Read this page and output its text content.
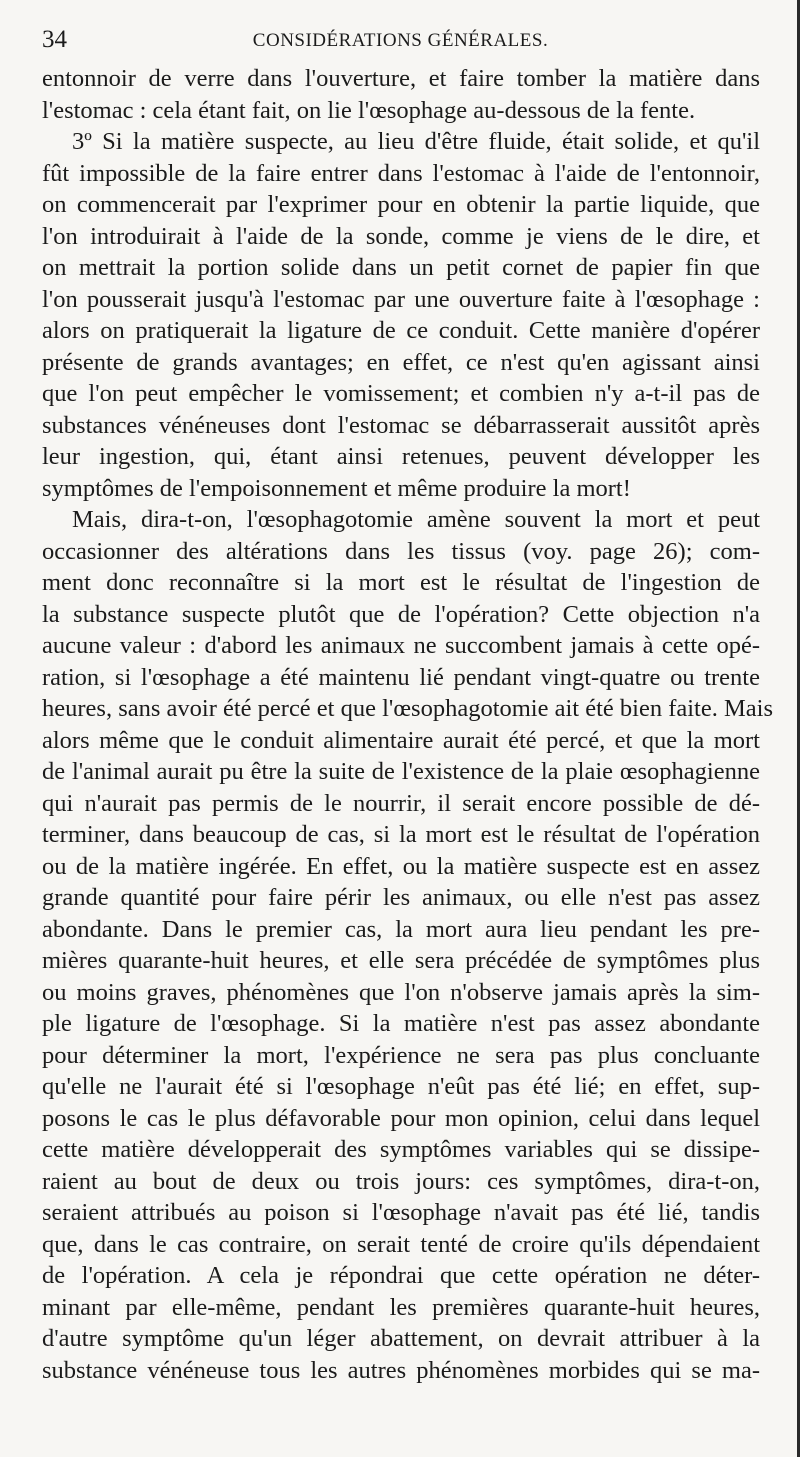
34	CONSIDÉRATIONS GÉNÉRALES.
entonnoir de verre dans l'ouverture, et faire tomber la matière dans
l'estomac : cela étant fait, on lie l'œsophage au-dessous de la fente.
3º Si la matière suspecte, au lieu d'être fluide, était solide, et qu'il
fût impossible de la faire entrer dans l'estomac à l'aide de l'entonnoir,
on commencerait par l'exprimer pour en obtenir la partie liquide, que
l'on introduirait à l'aide de la sonde, comme je viens de le dire, et
on mettrait la portion solide dans un petit cornet de papier fin que
l'on pousserait jusqu'à l'estomac par une ouverture faite à l'œsophage :
alors on pratiquerait la ligature de ce conduit. Cette manière d'opérer
présente de grands avantages; en effet, ce n'est qu'en agissant ainsi
que l'on peut empêcher le vomissement; et combien n'y a-t-il pas de
substances vénéneuses dont l'estomac se débarrasserait aussitôt après
leur ingestion, qui, étant ainsi retenues, peuvent développer les
symptômes de l'empoisonnement et même produire la mort!
Mais, dira-t-on, l'œsophagotomie amène souvent la mort et peut
occasionner des altérations dans les tissus (voy. page 26); com-
ment donc reconnaître si la mort est le résultat de l'ingestion de
la substance suspecte plutôt que de l'opération? Cette objection n'a
aucune valeur : d'abord les animaux ne succombent jamais à cette opé-
ration, si l'œsophage a été maintenu lié pendant vingt-quatre ou trente
heures, sans avoir été percé et que l'œsophagotomie ait été bien faite. Mais
alors même que le conduit alimentaire aurait été percé, et que la mort
de l'animal aurait pu être la suite de l'existence de la plaie œsophagienne
qui n'aurait pas permis de le nourrir, il serait encore possible de dé-
terminer, dans beaucoup de cas, si la mort est le résultat de l'opération
ou de la matière ingérée. En effet, ou la matière suspecte est en assez
grande quantité pour faire périr les animaux, ou elle n'est pas assez
abondante. Dans le premier cas, la mort aura lieu pendant les pre-
mières quarante-huit heures, et elle sera précédée de symptômes plus
ou moins graves, phénomènes que l'on n'observe jamais après la sim-
ple ligature de l'œsophage. Si la matière n'est pas assez abondante
pour déterminer la mort, l'expérience ne sera pas plus concluante
qu'elle ne l'aurait été si l'œsophage n'eût pas été lié; en effet, sup-
posons le cas le plus défavorable pour mon opinion, celui dans lequel
cette matière développerait des symptômes variables qui se dissipe-
raient au bout de deux ou trois jours: ces symptômes, dira-t-on,
seraient attribués au poison si l'œsophage n'avait pas été lié, tandis
que, dans le cas contraire, on serait tenté de croire qu'ils dépendaient
de l'opération. A cela je répondrai que cette opération ne déter-
minant par elle-même, pendant les premières quarante-huit heures,
d'autre symptôme qu'un léger abattement, on devrait attribuer à la
substance vénéneuse tous les autres phénomènes morbides qui se ma-
